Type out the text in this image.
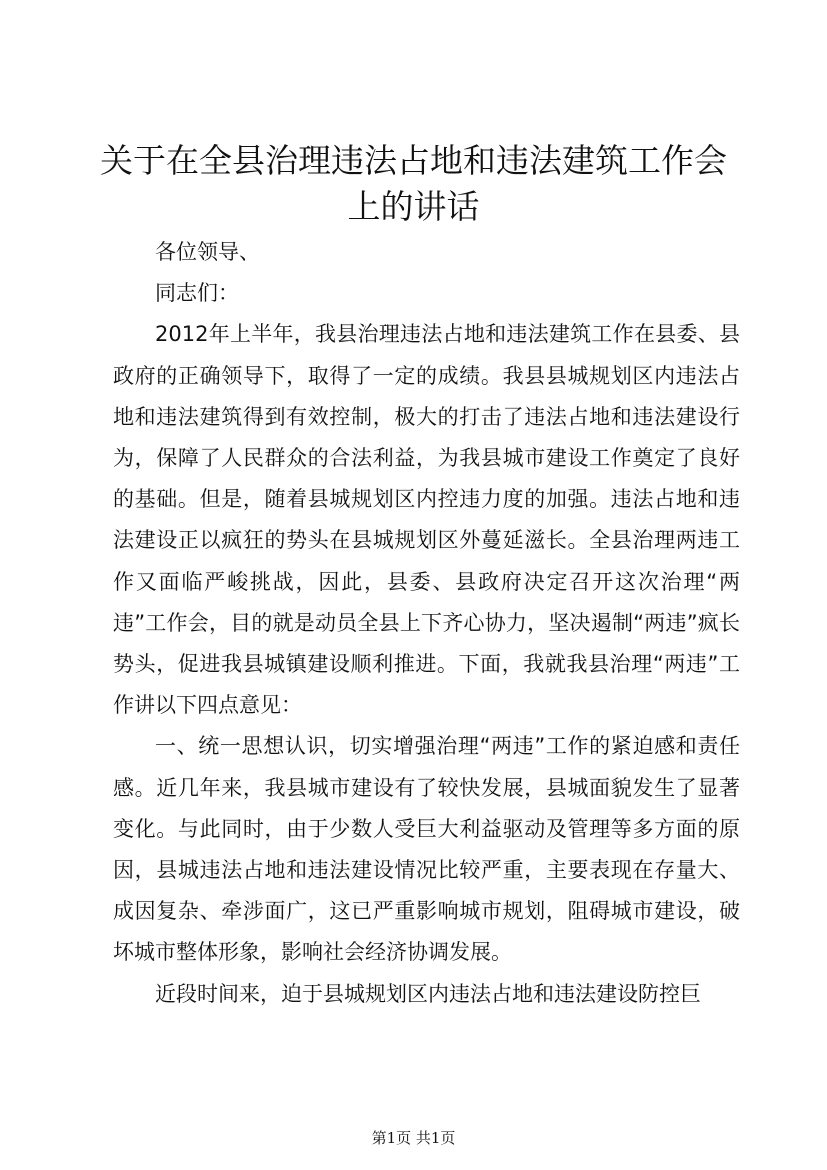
关于在全县治理违法占地和违法建筑工作会上的讲话

各位领导、

同志们：

2012年上半年，我县治理违法占地和违法建筑工作在县委、县政府的正确领导下，取得了一定的成绩。我县县城规划区内违法占地和违法建筑得到有效控制，极大的打击了违法占地和违法建设行为，保障了人民群众的合法利益，为我县城市建设工作奠定了良好的基础。但是，随着县城规划区内控违力度的加强。违法占地和违法建设正以疯狂的势头在县城规划区外蔓延滋长。全县治理两违工作又面临严峻挑战，因此，县委、县政府决定召开这次治理“两违”工作会，目的就是动员全县上下齐心协力，坚决遏制“两违”疯长势头，促进我县城镇建设顺利推进。下面，我就我县治理“两违”工作讲以下四点意见：

一、统一思想认识，切实增强治理“两违”工作的紧迫感和责任感。近几年来，我县城市建设有了较快发展，县城面貌发生了显著变化。与此同时，由于少数人受巨大利益驱动及管理等多方面的原因，县城违法占地和违法建设情况比较严重，主要表现在存量大、成因复杂、牵涉面广，这已严重影响城市规划，阻碍城市建设，破坏城市整体形象，影响社会经济协调发展。

近段时间来，迫于县城规划区内违法占地和违法建设防控巨

第1页 共1页
